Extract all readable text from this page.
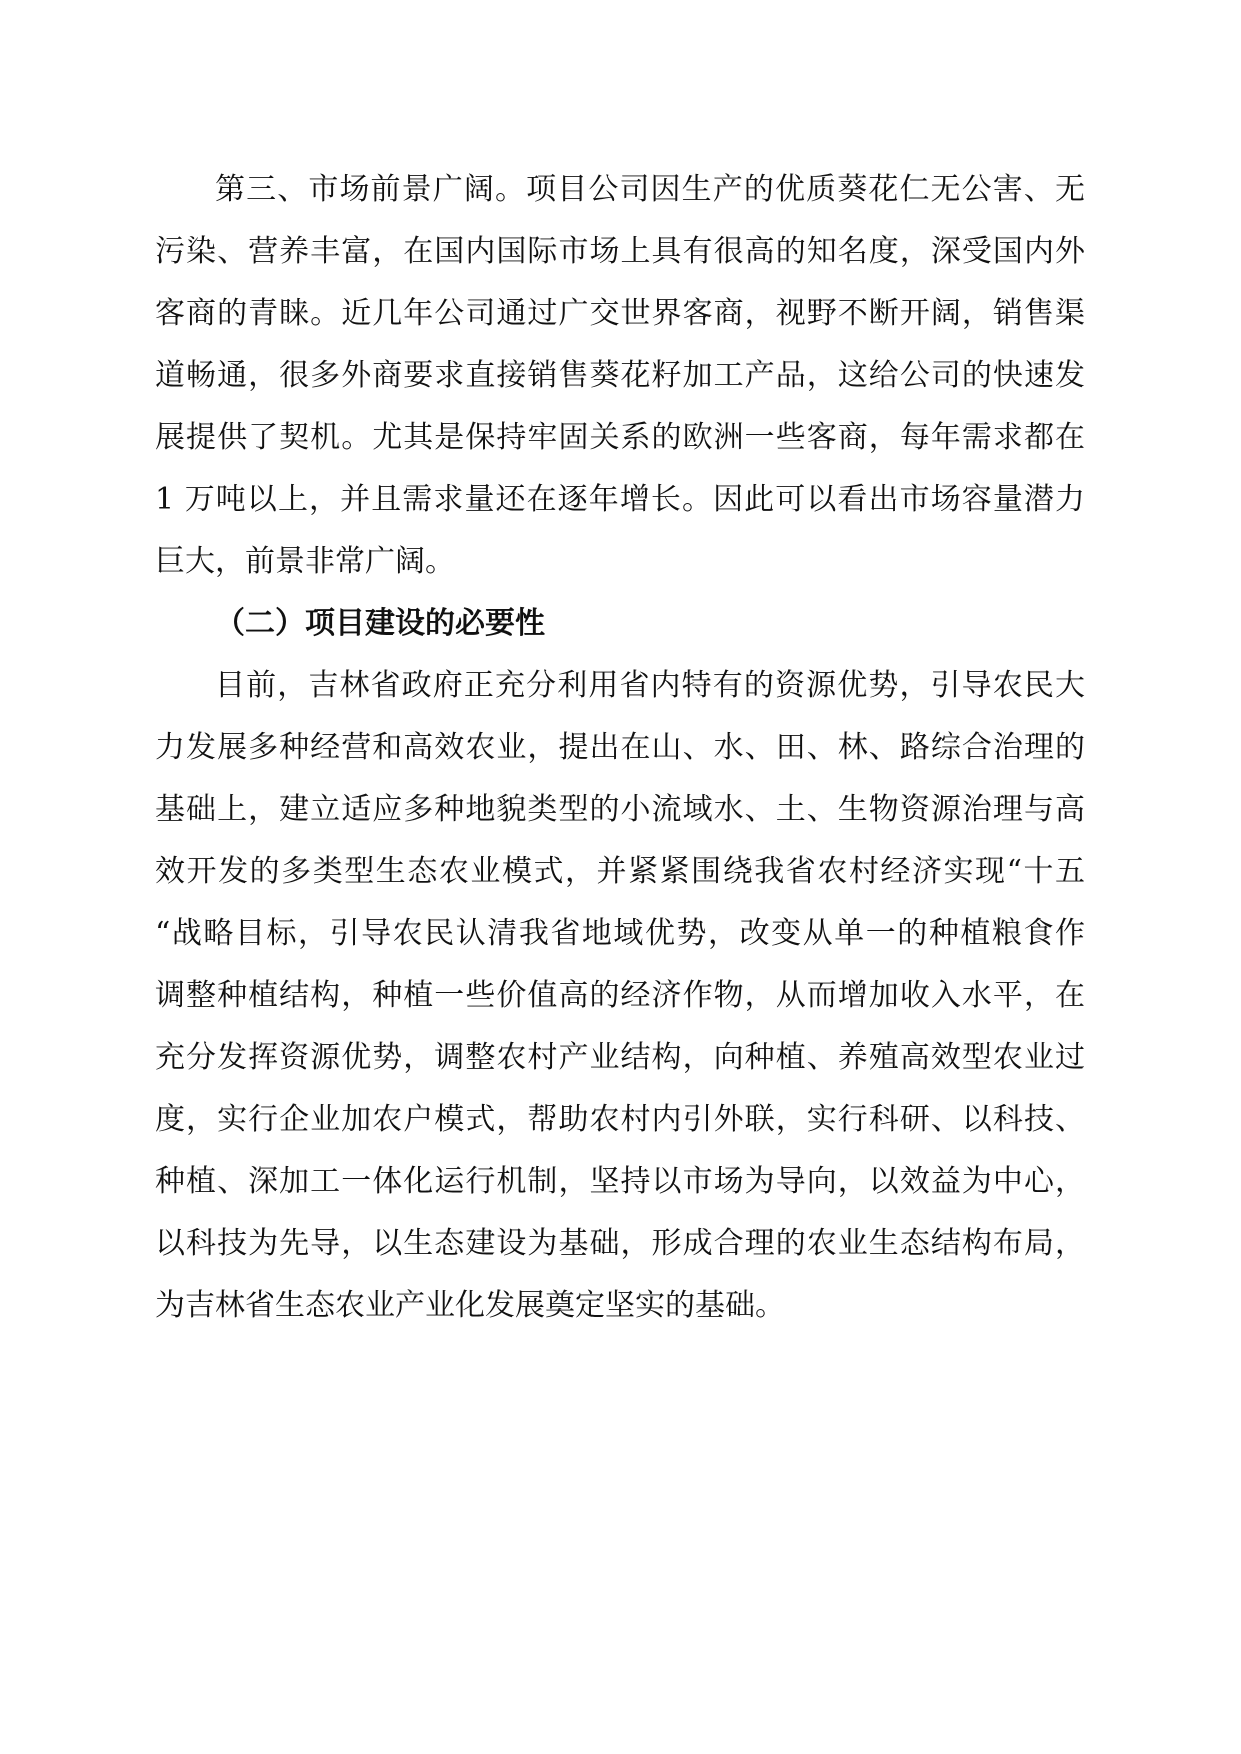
第三、市场前景广阔。项目公司因生产的优质葵花仁无公害、无
污染、营养丰富，在国内国际市场上具有很高的知名度，深受国内外
客商的青睐。近几年公司通过广交世界客商，视野不断开阔，销售渠
道畅通，很多外商要求直接销售葵花籽加工产品，这给公司的快速发
展提供了契机。尤其是保持牢固关系的欧洲一些客商，每年需求都在
1 万吨以上，并且需求量还在逐年增长。因此可以看出市场容量潜力
巨大，前景非常广阔。
（二）项目建设的必要性
目前，吉林省政府正充分利用省内特有的资源优势，引导农民大
力发展多种经营和高效农业，提出在山、水、田、林、路综合治理的
基础上，建立适应多种地貌类型的小流域水、土、生物资源治理与高
效开发的多类型生态农业模式，并紧紧围绕我省农村经济实现“十五
“战略目标，引导农民认清我省地域优势，改变从单一的种植粮食作
调整种植结构，种植一些价值高的经济作物，从而增加收入水平，在
充分发挥资源优势，调整农村产业结构，向种植、养殖高效型农业过
度，实行企业加农户模式，帮助农村内引外联，实行科研、以科技、
种植、深加工一体化运行机制，坚持以市场为导向，以效益为中心，
以科技为先导，以生态建设为基础，形成合理的农业生态结构布局，
为吉林省生态农业产业化发展奠定坚实的基础。
